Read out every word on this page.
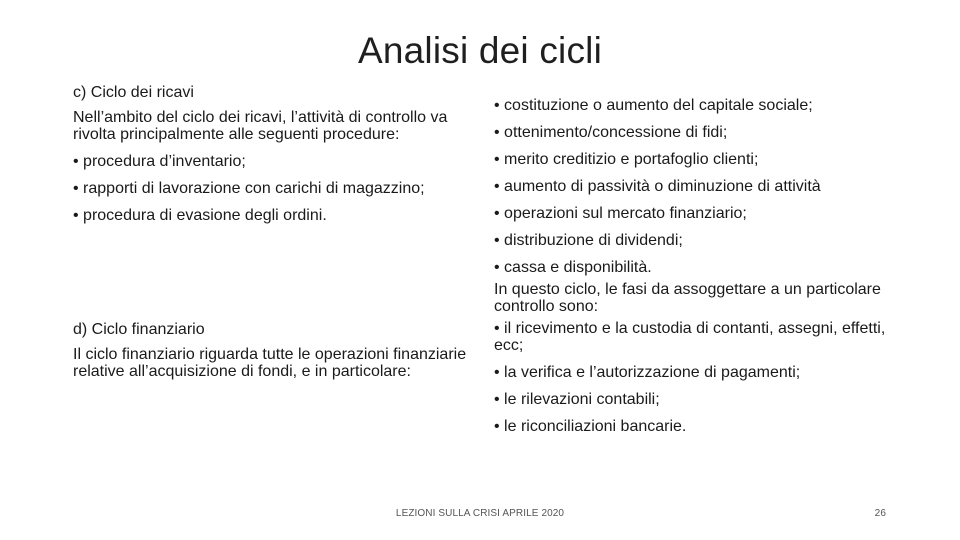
Analisi dei cicli

c) Ciclo dei ricavi

Nell’ambito del ciclo dei ricavi, l’attività di controllo va rivolta principalmente alle seguenti procedure:

• procedura d’inventario;

• rapporti di lavorazione con carichi di magazzino;

• procedura di evasione degli ordini.

d) Ciclo finanziario

Il ciclo finanziario riguarda tutte le operazioni finanziarie relative all’acquisizione di fondi, e in particolare:

• costituzione o aumento del capitale sociale;

• ottenimento/concessione di fidi;

• merito creditizio e portafoglio clienti;

• aumento di passività o diminuzione di attività

• operazioni sul mercato finanziario;

• distribuzione di dividendi;

• cassa e disponibilità.

In questo ciclo, le fasi da assoggettare a un particolare controllo sono:

• il ricevimento e la custodia di contanti, assegni, effetti, ecc;

• la verifica e l’autorizzazione di pagamenti;

• le rilevazioni contabili;

• le riconciliazioni bancarie.

LEZIONI SULLA CRISI APRILE 2020	26
